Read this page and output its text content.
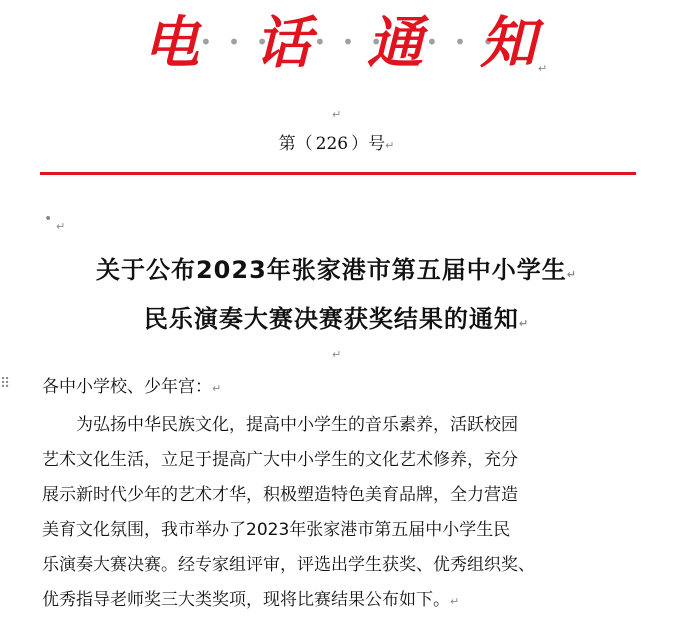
电 • • •
话 • • •
通 • • •
知 ↵
↵
第（ 226 ）号↵
• ↵
关于公布2023年张家港市第五届中小学生↵
民乐演奏大赛决赛获奖结果的通知↵
↵
⠿ 各中小学校、少年宫：↵
　　为弘扬中华民族文化，提高中小学生的音乐素养，活跃校园
艺术文化生活，立足于提高广大中小学生的文化艺术修养，充分
展示新时代少年的艺术才华，积极塑造特色美育品牌，全力营造
美育文化氛围，我市举办了2023年张家港市第五届中小学生民
乐演奏大赛决赛。经专家组评审，评选出学生获奖、优秀组织奖、
优秀指导老师奖三大类奖项，现将比赛结果公布如下。↵
